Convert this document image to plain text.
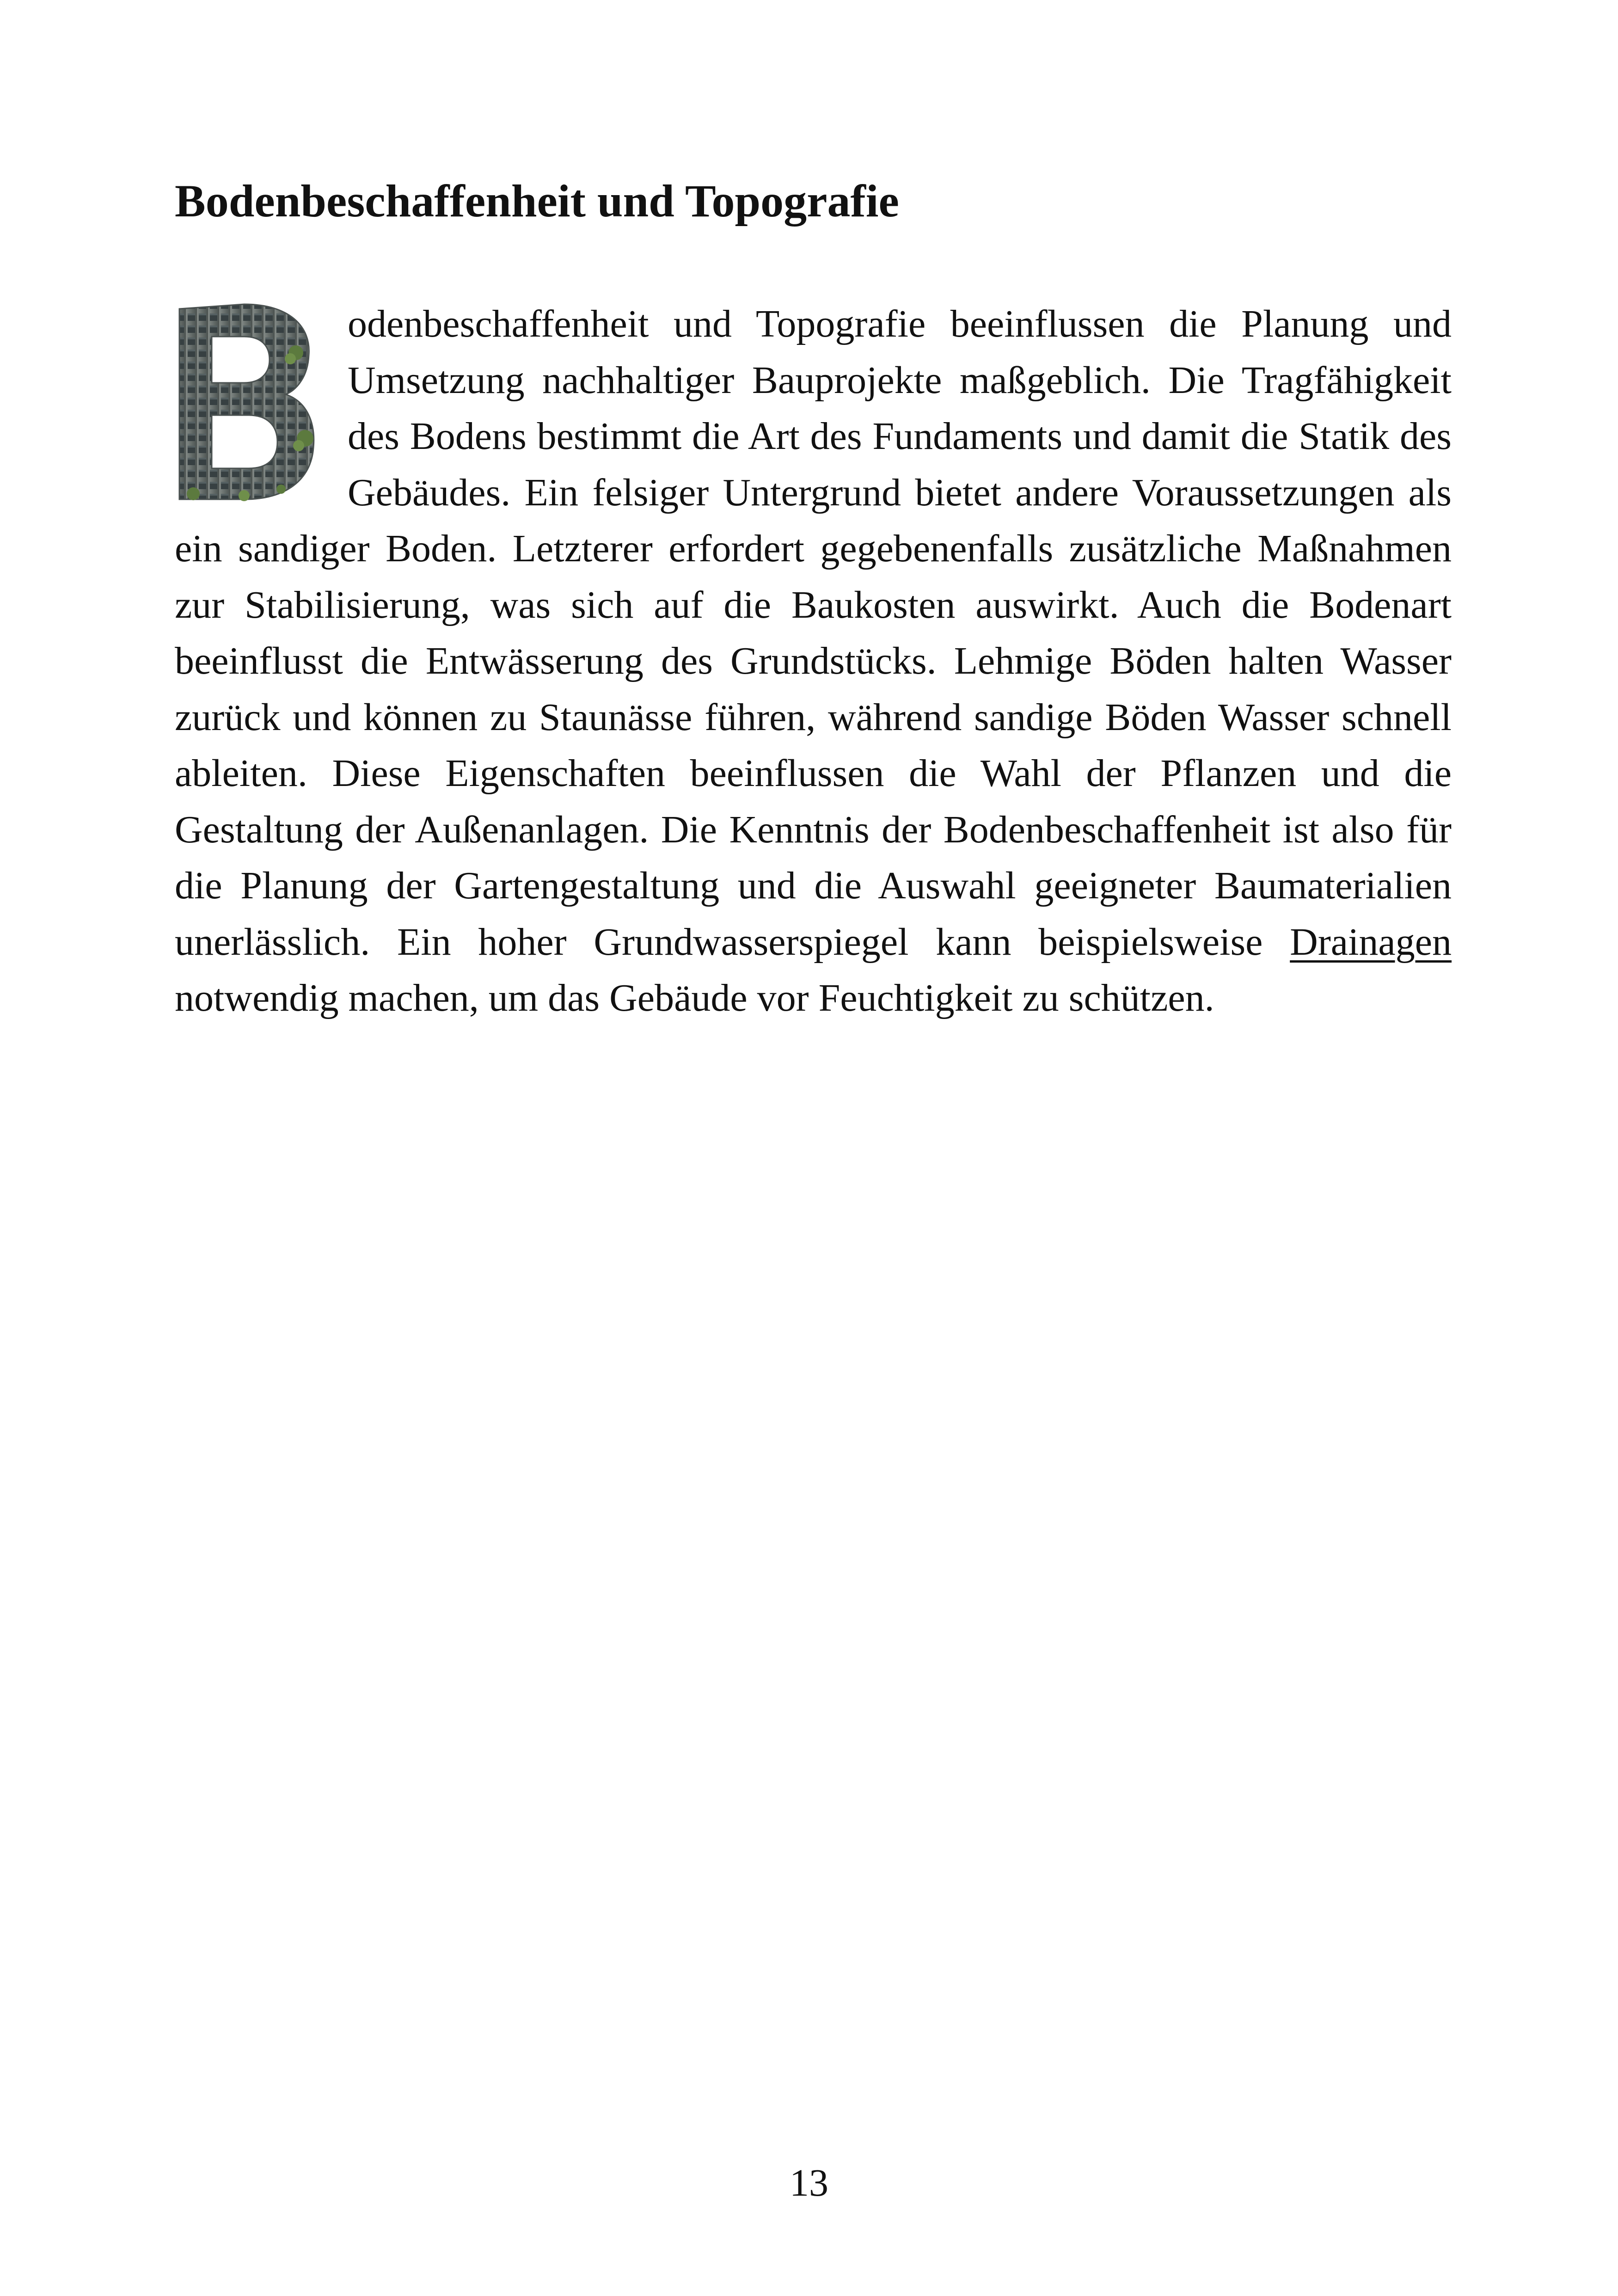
Bodenbeschaffenheit und Topografie

odenbeschaffenheit und Topografie beeinflussen die Planung und Umsetzung nachhaltiger Bauprojekte maßgeblich. Die Tragfähigkeit des Bodens bestimmt die Art des Fundaments und damit die Statik des Gebäudes. Ein felsiger Untergrund bietet andere Voraussetzungen als ein sandiger Boden. Letzterer erfordert gegebenenfalls zusätzliche Maßnahmen zur Stabilisierung, was sich auf die Baukosten auswirkt. Auch die Bodenart beeinflusst die Entwässerung des Grundstücks. Lehmige Böden halten Wasser zurück und können zu Staunässe führen, während sandige Böden Wasser schnell ableiten. Diese Eigenschaften beeinflussen die Wahl der Pflanzen und die Gestaltung der Außenanlagen. Die Kenntnis der Bodenbeschaffenheit ist also für die Planung der Gartengestaltung und die Auswahl geeigneter Baumaterialien unerlässlich. Ein hoher Grundwasserspiegel kann beispielsweise Drainagen notwendig machen, um das Gebäude vor Feuchtigkeit zu schützen.

13
